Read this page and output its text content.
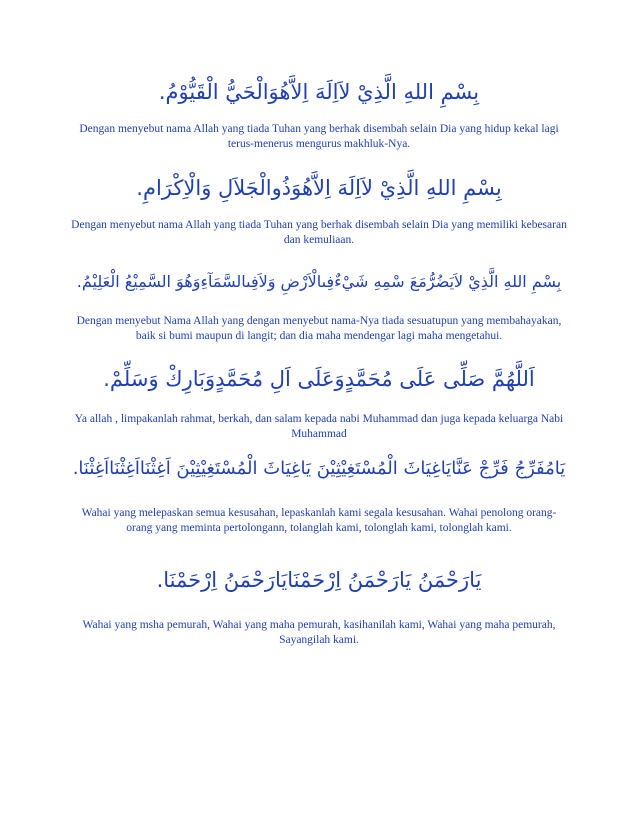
بِسْمِ اللهِ الَّذِيْ لاَاِلَهَ اِلاَّهُوَالْحَيُّ الْقَيُّوْمُ.
Dengan menyebut nama Allah yang tiada Tuhan yang berhak disembah selain Dia yang hidup kekal lagi terus-menerus mengurus makhluk-Nya.
بِسْمِ اللهِ الَّذِيْ لاَاِلَهَ اِلاَّهُوَذُوالْجَلاَلِ وَالْاِكْرَامِ.
Dengan menyebut nama Allah yang tiada Tuhan yang berhak disembah selain Dia yang memiliki kebesaran dan kemuliaan.
بِسْمِ اللهِ الَّذِيْ لاَيَضُرُّمَعَ سْمِهِ شَيْءٌفِىالْاَرْضِ وَلاَفِىالسَّمَآءِوَهُوَ السَّمِيْعُ الْعَلِيْمُ.
Dengan menyebut Nama Allah yang dengan menyebut nama-Nya tiada sesuatupun yang membahayakan, baik si bumi maupun di langit; dan dia maha mendengar lagi maha mengetahui.
اَللَّهُمَّ صَلِّى عَلَى مُحَمَّدٍوَعَلَى اَلِ مُحَمَّدٍوَبَارِكْ وَسَلِّمْ.
Ya allah , limpakanlah rahmat, berkah, dan salam kepada nabi Muhammad dan juga kepada keluarga Nabi Muhammad
يَامُفَرِّجُ فَرِّجْ عَنَّايَاغِيَاثَ الْمُسْتَغِيْثِيْنَ يَاغِيَاثَ الْمُسْتَغِيْثِيْنَ اَغِثْنَااَغِثْنَااَغِثْنَا.
Wahai yang melepaskan semua kesusahan, lepaskanlah kami segala kesusahan. Wahai penolong orang-orang yang meminta pertolongann, tolanglah kami, tolonglah kami, tolonglah kami.
يَارَحْمَنُ يَارَحْمَنُ اِرْحَمْنَايَارَحْمَنُ اِرْحَمْنَا.
Wahai yang msha pemurah, Wahai yang maha pemurah, kasihanilah kami, Wahai yang maha pemurah, Sayangilah kami.
